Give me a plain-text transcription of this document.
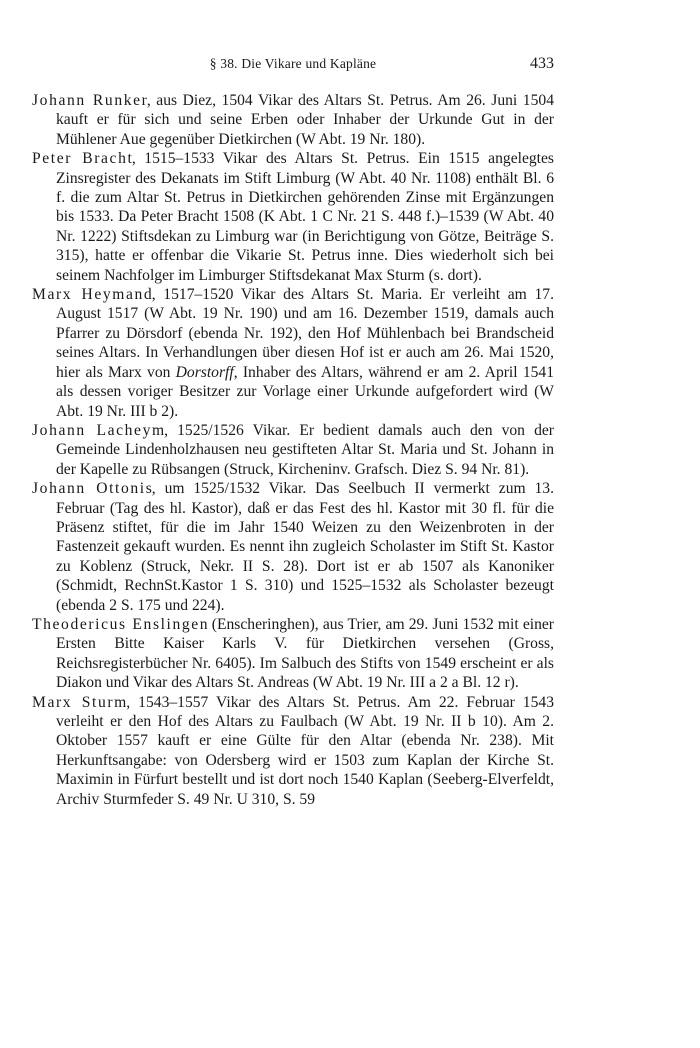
§ 38. Die Vikare und Kapläne	433

Johann Runker, aus Diez, 1504 Vikar des Altars St. Petrus. Am 26. Juni 1504 kauft er für sich und seine Erben oder Inhaber der Urkunde Gut in der Mühlener Aue gegenüber Dietkirchen (W Abt. 19 Nr. 180).

Peter Bracht, 1515–1533 Vikar des Altars St. Petrus. Ein 1515 angelegtes Zinsregister des Dekanats im Stift Limburg (W Abt. 40 Nr. 1108) enthält Bl. 6 f. die zum Altar St. Petrus in Dietkirchen gehörenden Zinse mit Ergänzungen bis 1533. Da Peter Bracht 1508 (K Abt. 1 C Nr. 21 S. 448 f.)–1539 (W Abt. 40 Nr. 1222) Stiftsdekan zu Limburg war (in Berichtigung von Götze, Beiträge S. 315), hatte er offenbar die Vikarie St. Petrus inne. Dies wiederholt sich bei seinem Nachfolger im Limburger Stiftsdekanat Max Sturm (s. dort).

Marx Heymand, 1517–1520 Vikar des Altars St. Maria. Er verleiht am 17. August 1517 (W Abt. 19 Nr. 190) und am 16. Dezember 1519, damals auch Pfarrer zu Dörsdorf (ebenda Nr. 192), den Hof Mühlenbach bei Brandscheid seines Altars. In Verhandlungen über diesen Hof ist er auch am 26. Mai 1520, hier als Marx von Dorstorff, Inhaber des Altars, während er am 2. April 1541 als dessen voriger Besitzer zur Vorlage einer Urkunde aufgefordert wird (W Abt. 19 Nr. III b 2).

Johann Lacheym, 1525/1526 Vikar. Er bedient damals auch den von der Gemeinde Lindenholzhausen neu gestifteten Altar St. Maria und St. Johann in der Kapelle zu Rübsangen (Struck, Kircheninv. Grafsch. Diez S. 94 Nr. 81).

Johann Ottonis, um 1525/1532 Vikar. Das Seelbuch II vermerkt zum 13. Februar (Tag des hl. Kastor), daß er das Fest des hl. Kastor mit 30 fl. für die Präsenz stiftet, für die im Jahr 1540 Weizen zu den Weizenbroten in der Fastenzeit gekauft wurden. Es nennt ihn zugleich Scholaster im Stift St. Kastor zu Koblenz (Struck, Nekr. II S. 28). Dort ist er ab 1507 als Kanoniker (Schmidt, RechnSt.Kastor 1 S. 310) und 1525–1532 als Scholaster bezeugt (ebenda 2 S. 175 und 224).

Theodericus Enslingen (Enscheringhen), aus Trier, am 29. Juni 1532 mit einer Ersten Bitte Kaiser Karls V. für Dietkirchen versehen (Gross, Reichsregisterbücher Nr. 6405). Im Salbuch des Stifts von 1549 erscheint er als Diakon und Vikar des Altars St. Andreas (W Abt. 19 Nr. III a 2 a Bl. 12 r).

Marx Sturm, 1543–1557 Vikar des Altars St. Petrus. Am 22. Februar 1543 verleiht er den Hof des Altars zu Faulbach (W Abt. 19 Nr. II b 10). Am 2. Oktober 1557 kauft er eine Gülte für den Altar (ebenda Nr. 238). Mit Herkunftsangabe: von Odersberg wird er 1503 zum Kaplan der Kirche St. Maximin in Fürfurt bestellt und ist dort noch 1540 Kaplan (Seeberg-Elverfeldt, Archiv Sturmfeder S. 49 Nr. U 310, S. 59
